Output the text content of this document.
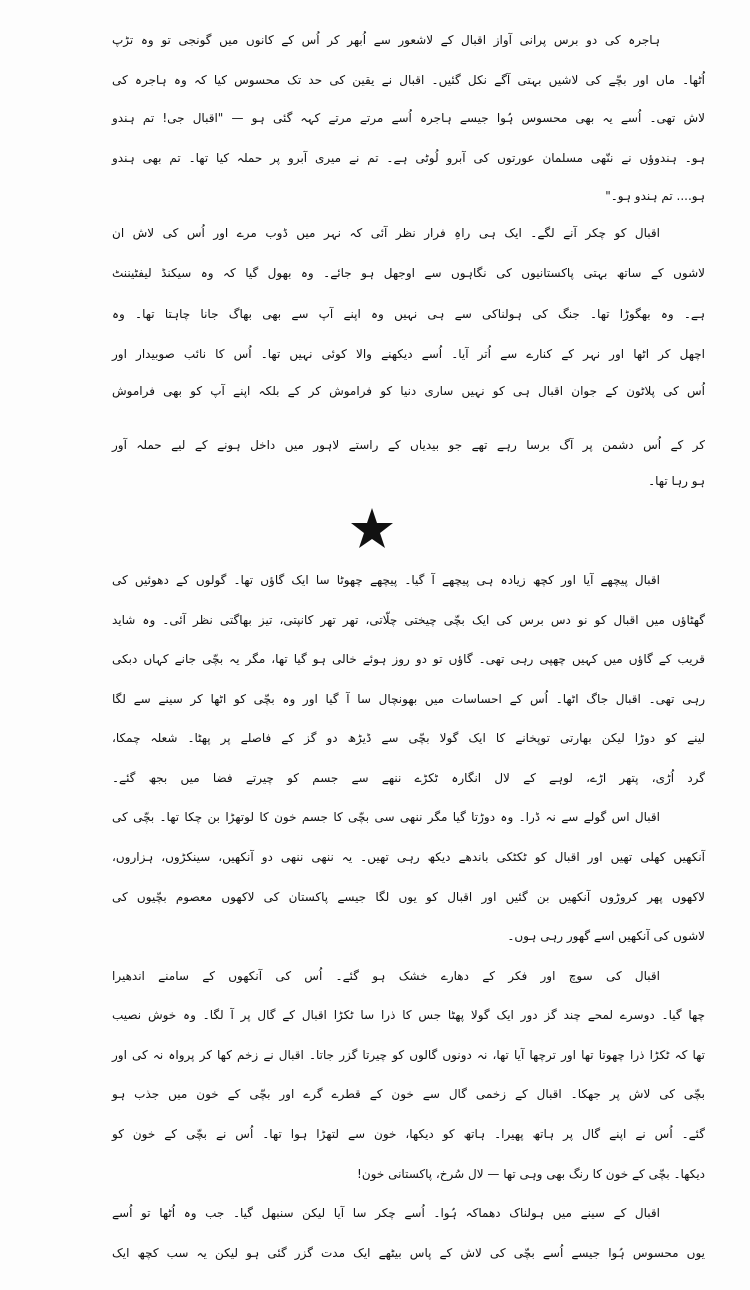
ہاجرہ کی دو برس پرانی آواز اقبال کے لاشعور سے اُبھر کر اُس کے کانوں میں گونجی تو وہ تڑپ
اُٹھا۔ ماں اور بچّے کی لاشیں بہتی آگے نکل گئیں۔ اقبال نے یقین کی حد تک محسوس کیا کہ وہ ہاجرہ کی
لاش تھی۔ اُسے یہ بھی محسوس ہُوا جیسے ہاجرہ اُسے مرتے مرتے کہہ گئی ہو — "اقبال جی! تم ہندو
ہو۔ ہندوؤں نے ننّھی مسلمان عورتوں کی آبرو لُوٹی ہے۔ تم نے میری آبرو پر حملہ کیا تھا۔ تم بھی ہندو
ہو.... تم ہندو ہو۔"
اقبال کو چکر آنے لگے۔ ایک ہی راہِ فرار نظر آئی کہ نہر میں ڈوب مرے اور اُس کی لاش ان
لاشوں کے ساتھ بہتی پاکستانیوں کی نگاہوں سے اوجھل ہو جائے۔ وہ بھول گیا کہ وہ سیکنڈ لیفٹیننٹ
ہے۔ وہ بھگوڑا تھا۔ جنگ کی ہولناکی سے ہی نہیں وہ اپنے آپ سے بھی بھاگ جانا چاہتا تھا۔ وہ
اچھل کر اٹھا اور نہر کے کنارے سے اُتر آیا۔ اُسے دیکھنے والا کوئی نہیں تھا۔ اُس کا نائب صوبیدار اور
اُس کی پلاٹون کے جوان اقبال ہی کو نہیں ساری دنیا کو فراموش کر کے بلکہ اپنے آپ کو بھی فراموش
کر کے اُس دشمن پر آگ برسا رہے تھے جو بیدیاں کے راستے لاہور میں داخل ہونے کے لیے حملہ آور
ہو رہا تھا۔
اقبال پیچھے آیا اور کچھ زیادہ ہی پیچھے آ گیا۔ پیچھے چھوٹا سا ایک گاؤں تھا۔ گولوں کے دھوئیں کی
گھٹاؤں میں اقبال کو نو دس برس کی ایک بچّی چیختی چلّاتی، تھر تھر کانپتی، تیز بھاگتی نظر آئی۔ وہ شاید
قریب کے گاؤں میں کہیں چھپی رہی تھی۔ گاؤں تو دو روز ہوئے خالی ہو گیا تھا، مگر یہ بچّی جانے کہاں دبکی
رہی تھی۔ اقبال جاگ اٹھا۔ اُس کے احساسات میں بھونچال سا آ گیا اور وہ بچّی کو اٹھا کر سینے سے لگا
لینے کو دوڑا لیکن بھارتی توپخانے کا ایک گولا بچّی سے ڈیڑھ دو گز کے فاصلے پر پھٹا۔ شعلہ چمکا،
گرد اُڑی، پتھر اڑے، لوہے کے لال انگارہ ٹکڑے ننھے سے جسم کو چیرتے فضا میں بجھ گئے۔
اقبال اس گولے سے نہ ڈرا۔ وہ دوڑتا گیا مگر ننھی سی بچّی کا جسم خون کا لوتھڑا بن چکا تھا۔ بچّی کی
آنکھیں کھلی تھیں اور اقبال کو ٹکٹکی باندھے دیکھ رہی تھیں۔ یہ ننھی ننھی دو آنکھیں، سینکڑوں، ہزاروں،
لاکھوں پھر کروڑوں آنکھیں بن گئیں اور اقبال کو یوں لگا جیسے پاکستان کی لاکھوں معصوم بچّیوں کی
لاشوں کی آنکھیں اسے گھور رہی ہوں۔
اقبال کی سوچ اور فکر کے دھارے خشک ہو گئے۔ اُس کی آنکھوں کے سامنے اندھیرا
چھا گیا۔ دوسرے لمحے چند گز دور ایک گولا پھٹا جس کا ذرا سا ٹکڑا اقبال کے گال پر آ لگا۔ وہ خوش نصیب
تھا کہ ٹکڑا ذرا چھوتا تھا اور ترچھا آیا تھا، نہ دونوں گالوں کو چیرتا گزر جاتا۔ اقبال نے زخم کھا کر پرواہ نہ کی اور
بچّی کی لاش پر جھکا۔ اقبال کے زخمی گال سے خون کے قطرے گرے اور بچّی کے خون میں جذب ہو
گئے۔ اُس نے اپنے گال پر ہاتھ پھیرا۔ ہاتھ کو دیکھا، خون سے لتھڑا ہوا تھا۔ اُس نے بچّی کے خون کو
دیکھا۔ بچّی کے خون کا رنگ بھی وہی تھا — لال سُرخ، پاکستانی خون!
اقبال کے سینے میں ہولناک دھماکہ ہُوا۔ اُسے چکر سا آیا لیکن سنبھل گیا۔ جب وہ اُٹھا تو اُسے
یوں محسوس ہُوا جیسے اُسے بچّی کی لاش کے پاس بیٹھے ایک مدت گزر گئی ہو لیکن یہ سب کچھ ایک
